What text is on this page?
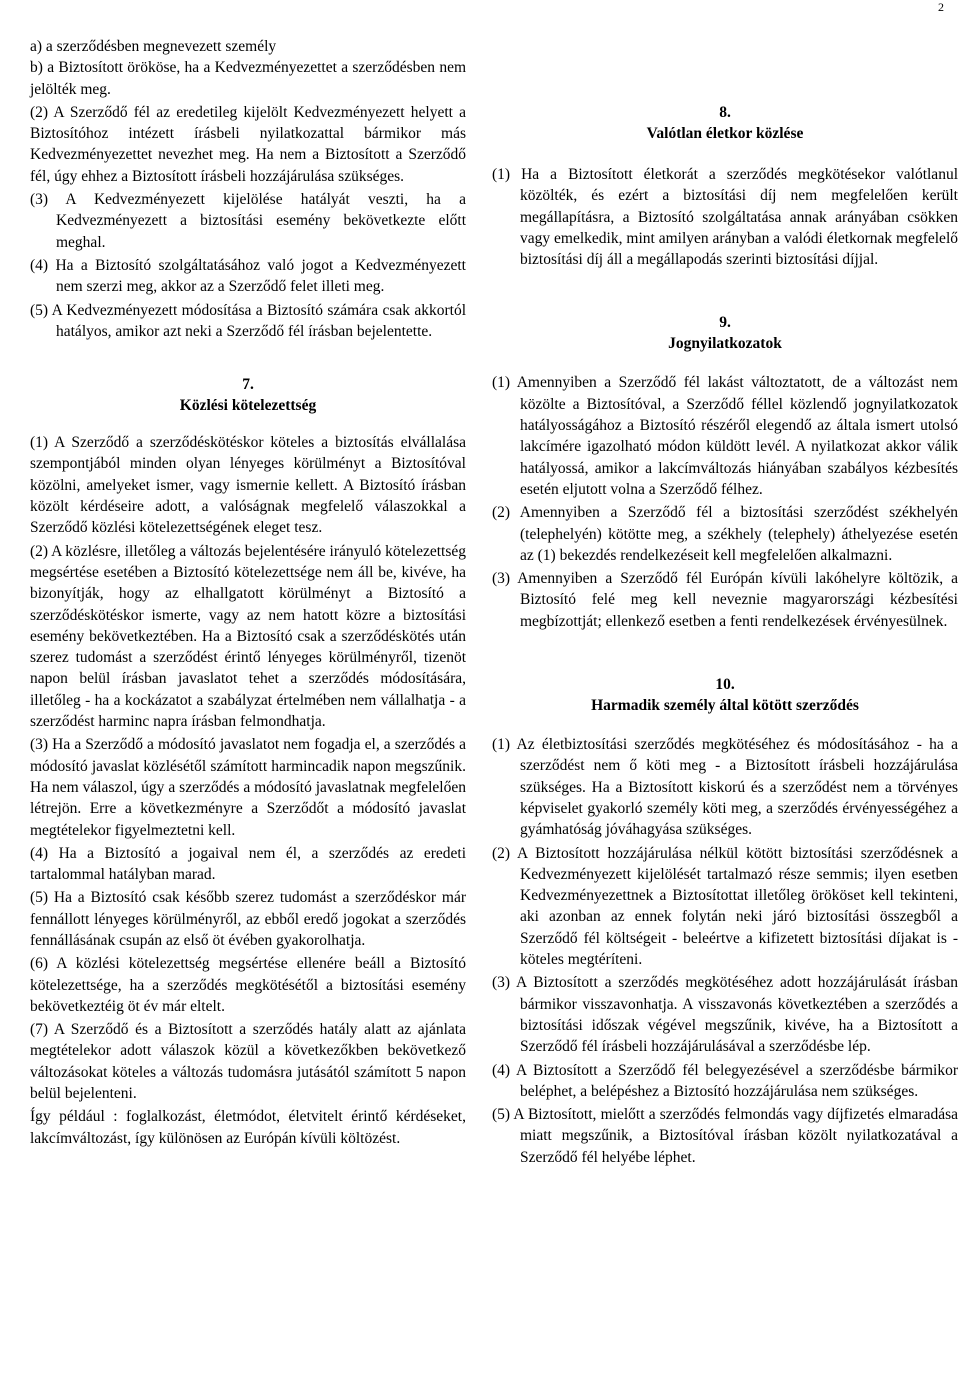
2

a) a szerződésben megnevezett személy

b) a Biztosított örököse, ha a Kedvezményezettet a szerződésben nem jelölték meg.

(2) A Szerződő fél az eredetileg kijelölt Kedvezményezett helyett a Biztosítóhoz intézett írásbeli nyilatkozattal bármikor más Kedvezményezettet nevezhet meg. Ha nem a Biztosított a Szerződő fél, úgy ehhez a Biztosított írásbeli hozzájárulása szükséges.

(3) A Kedvezményezett kijelölése hatályát veszti, ha a Kedvezményezett a biztosítási esemény bekövetkezte előtt meghal.

(4) Ha a Biztosító szolgáltatásához való jogot a Kedvezményezett nem szerzi meg, akkor az a Szerződő felet illeti meg.

(5) A Kedvezményezett módosítása a Biztosító számára csak akkortól hatályos, amikor azt neki a Szerződő fél írásban bejelentette.

7.

Közlési kötelezettség

(1) A Szerződő a szerződéskötéskor köteles a biztosítás elvállalása szempontjából minden olyan lényeges körülményt a Biztosítóval közölni, amelyeket ismer, vagy ismernie kellett. A Biztosító írásban közölt kérdéseire adott, a valóságnak megfelelő válaszokkal a Szerződő közlési kötelezettségének eleget tesz.

(2) A közlésre, illetőleg a változás bejelentésére irányuló kötelezettség megsértése esetében a Biztosító kötelezettsége nem áll be, kivéve, ha bizonyítják, hogy az elhallgatott körülményt a Biztosító a szerződéskötéskor ismerte, vagy az nem hatott közre a biztosítási esemény bekövetkeztében. Ha a Biztosító csak a szerződéskötés után szerez tudomást a szerződést érintő lényeges körülményről, tizenöt napon belül írásban javaslatot tehet a szerződés módosítására, illetőleg - ha a kockázatot a szabályzat értelmében nem vállalhatja - a szerződést harminc napra írásban felmondhatja.

(3) Ha a Szerződő a módosító javaslatot nem fogadja el, a szerződés a módosító javaslat közlésétől számított harmincadik napon megszűnik. Ha nem válaszol, úgy a szerződés a módosító javaslatnak megfelelően létrejön. Erre a következményre a Szerződőt a módosító javaslat megtételekor figyelmeztetni kell.

(4) Ha a Biztosító a jogaival nem él, a szerződés az eredeti tartalommal hatályban marad.

(5) Ha a Biztosító csak később szerez tudomást a szerződéskor már fennállott lényeges körülményről, az ebből eredő jogokat a szerződés fennállásának csupán az első öt évében gyakorolhatja.

(6) A közlési kötelezettség megsértése ellenére beáll a Biztosító kötelezettsége, ha a szerződés megkötésétől a biztosítási esemény bekövetkeztéig öt év már eltelt.

(7) A Szerződő és a Biztosított a szerződés hatály alatt az ajánlata megtételekor adott válaszok közül a következőkben bekövetkező változásokat köteles a változás tudomásra jutásától számított 5 napon belül bejelenteni.

Így például : foglalkozást, életmódot, életvitelt érintő kérdéseket, lakcímváltozást, így különösen az Európán kívüli költözést.

8.

Valótlan életkor közlése

(1) Ha a Biztosított életkorát a szerződés megkötésekor valótlanul közölték, és ezért a biztosítási díj nem megfelelően került megállapításra, a Biztosító szolgáltatása annak arányában csökken vagy emelkedik, mint amilyen arányban a valódi életkornak megfelelő biztosítási díj áll a megállapodás szerinti biztosítási díjjal.

9.

Jognyilatkozatok

(1) Amennyiben a Szerződő fél lakást változtatott, de a változást nem közölte a Biztosítóval, a Szerződő féllel közlendő jognyilatkozatok hatályosságához a Biztosító részéről elegendő az általa ismert utolsó lakcímére igazolható módon küldött levél. A nyilatkozat akkor válik hatályossá, amikor a lakcímváltozás hiányában szabályos kézbesítés esetén eljutott volna a Szerződő félhez.

(2) Amennyiben a Szerződő fél a biztosítási szerződést székhelyén (telephelyén) kötötte meg, a székhely (telephely) áthelyezése esetén az (1) bekezdés rendelkezéseit kell megfelelően alkalmazni.

(3) Amennyiben a Szerződő fél Európán kívüli lakóhelyre költözik, a Biztosító felé meg kell neveznie magyarországi kézbesítési megbízottját; ellenkező esetben a fenti rendelkezések érvényesülnek.

10.

Harmadik személy által kötött szerződés

(1) Az életbiztosítási szerződés megkötéséhez és módosításához - ha a szerződést nem ő köti meg - a Biztosított írásbeli hozzájárulása szükséges. Ha a Biztosított kiskorú és a szerződést nem a törvényes képviselet gyakorló személy köti meg, a szerződés érvényességéhez a gyámhatóság jóváhagyása szükséges.

(2) A Biztosított hozzájárulása nélkül kötött biztosítási szerződésnek a Kedvezményezett kijelölését tartalmazó része semmis; ilyen esetben Kedvezményezettnek a Biztosítottat illetőleg örököset kell tekinteni, aki azonban az ennek folytán neki járó biztosítási összegből a Szerződő fél költségeit - beleértve a kifizetett biztosítási díjakat is - köteles megtéríteni.

(3) A Biztosított a szerződés megkötéséhez adott hozzájárulását írásban bármikor visszavonhatja. A visszavonás következtében a szerződés a biztosítási időszak végével megszűnik, kivéve, ha a Biztosított a Szerződő fél írásbeli hozzájárulásával a szerződésbe lép.

(4) A Biztosított a Szerződő fél belegyezésével a szerződésbe bármikor beléphet, a belépéshez a Biztosító hozzájárulása nem szükséges.

(5) A Biztosított, mielőtt a szerződés felmondás vagy díjfizetés elmaradása miatt megszűnik, a Biztosítóval írásban közölt nyilatkozatával a Szerződő fél helyébe léphet.
